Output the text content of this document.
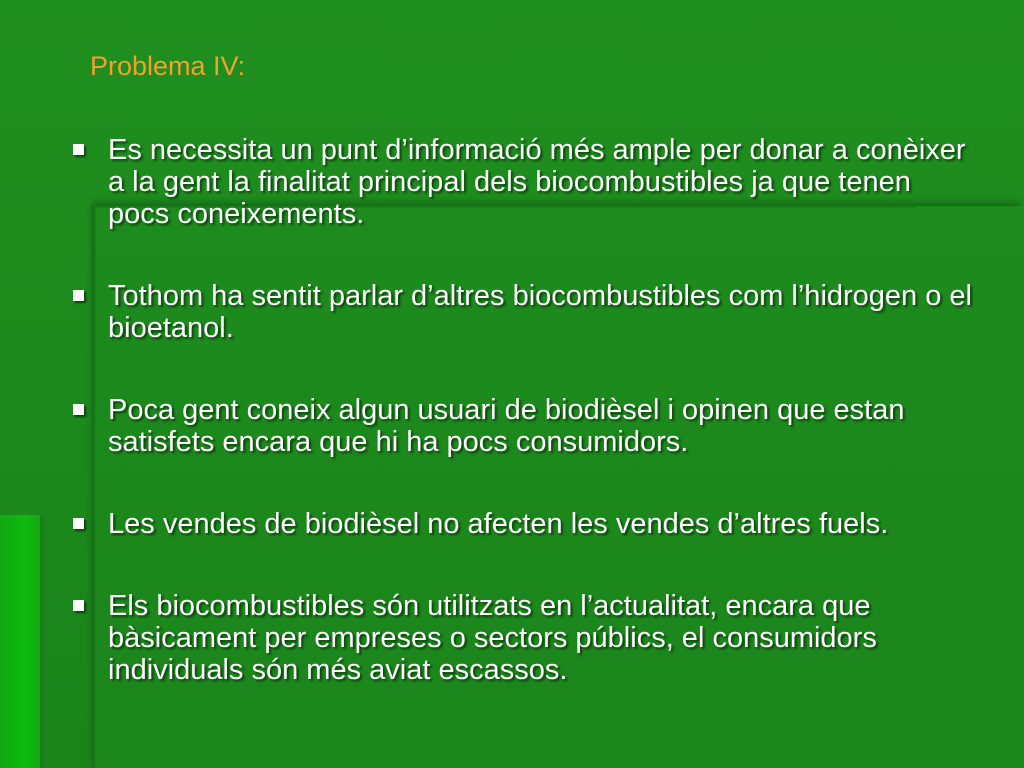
Problema IV:
Es necessita un punt d’informació més ample per donar a conèixer a la gent la finalitat principal dels biocombustibles ja que tenen pocs coneixements.
Tothom ha sentit parlar d’altres biocombustibles com l’hidrogen o el bioetanol.
Poca gent coneix algun usuari de biodièsel i opinen que estan satisfets encara que hi ha pocs consumidors.
Les vendes de biodièsel no afecten les vendes d’altres fuels.
Els biocombustibles són utilitzats en l’actualitat, encara que bàsicament per empreses o sectors públics, el consumidors individuals són més aviat escassos.
